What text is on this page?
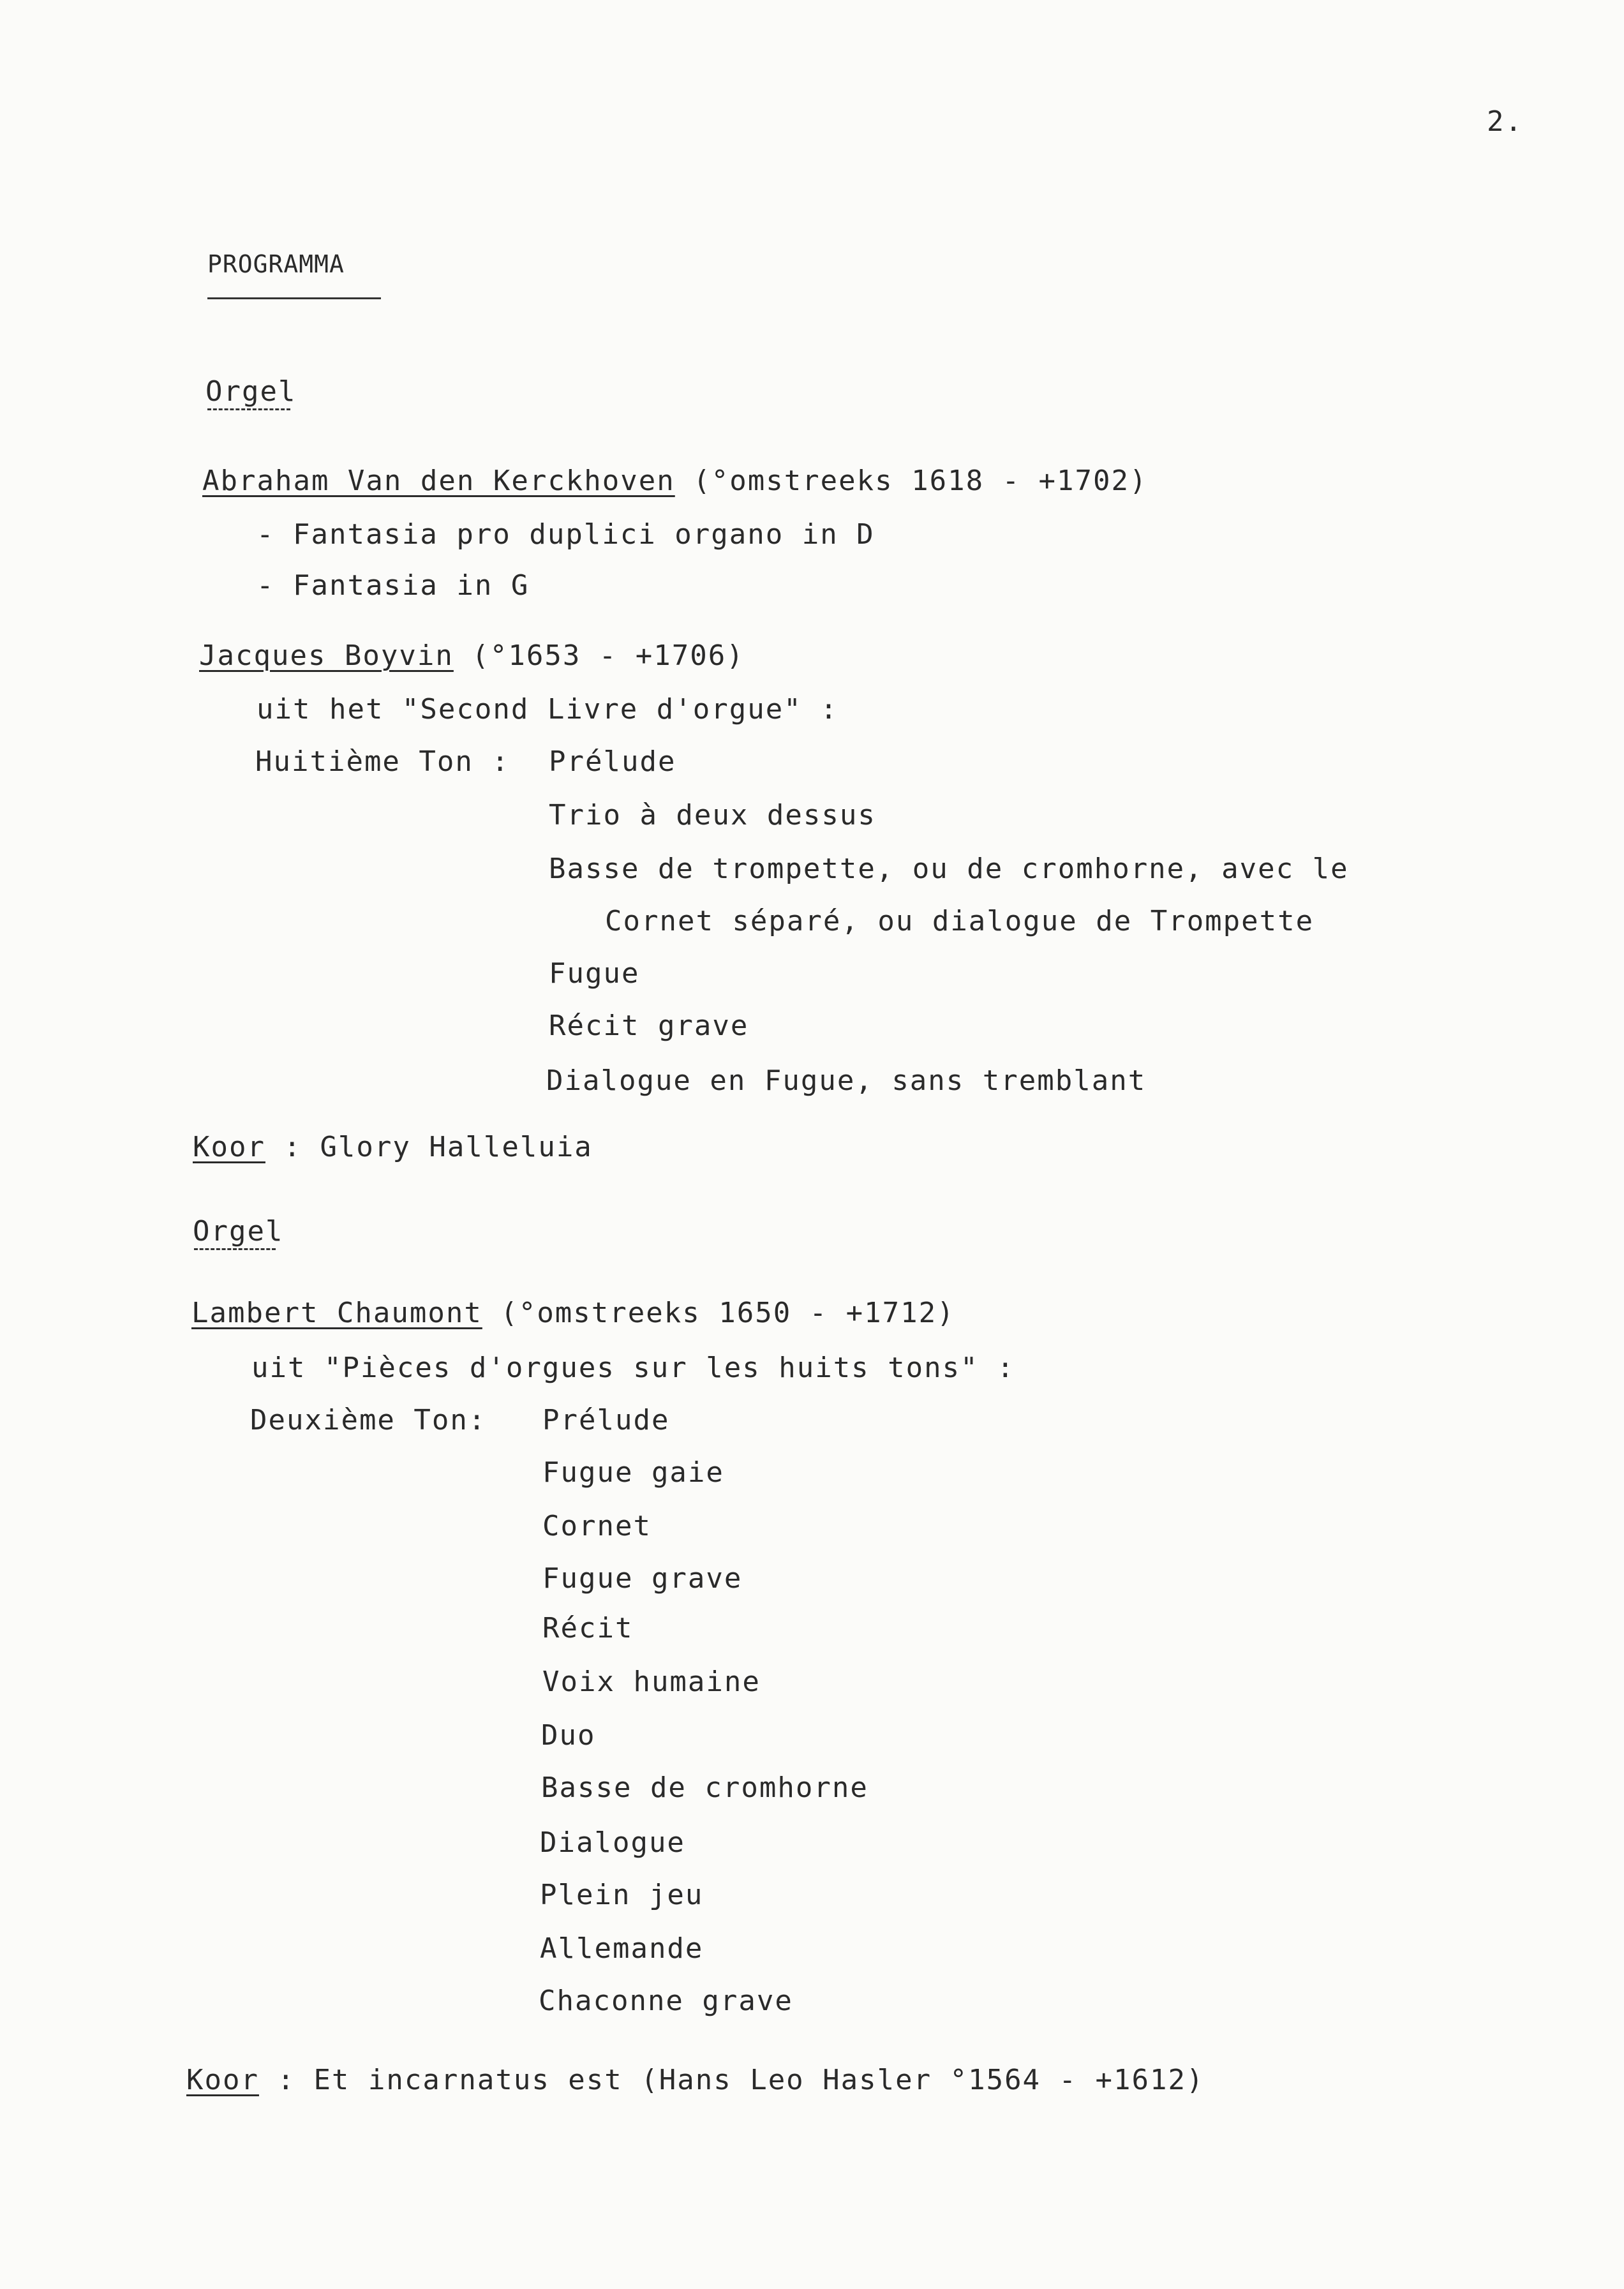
2.
PROGRAMMA
Orgel
Abraham Van den Kerckhoven (°omstreeks 1618 - +1702)
- Fantasia pro duplici organo in D
- Fantasia in G
Jacques Boyvin (°1653 - +1706)
uit het "Second Livre d'orgue" :
Huitième Ton : Prélude
Trio à deux dessus
Basse de trompette, ou de cromhorne, avec le
Cornet séparé, ou dialogue de Trompette
Fugue
Récit grave
Dialogue en Fugue, sans tremblant
Koor : Glory Halleluia
Orgel
Lambert Chaumont (°omstreeks 1650 - +1712)
uit "Pièces d'orgues sur les huits tons" :
Deuxième Ton: Prélude
Fugue gaie
Cornet
Fugue grave
Récit
Voix humaine
Duo
Basse de cromhorne
Dialogue
Plein jeu
Allemande
Chaconne grave
Koor : Et incarnatus est (Hans Leo Hasler °1564 - +1612)
